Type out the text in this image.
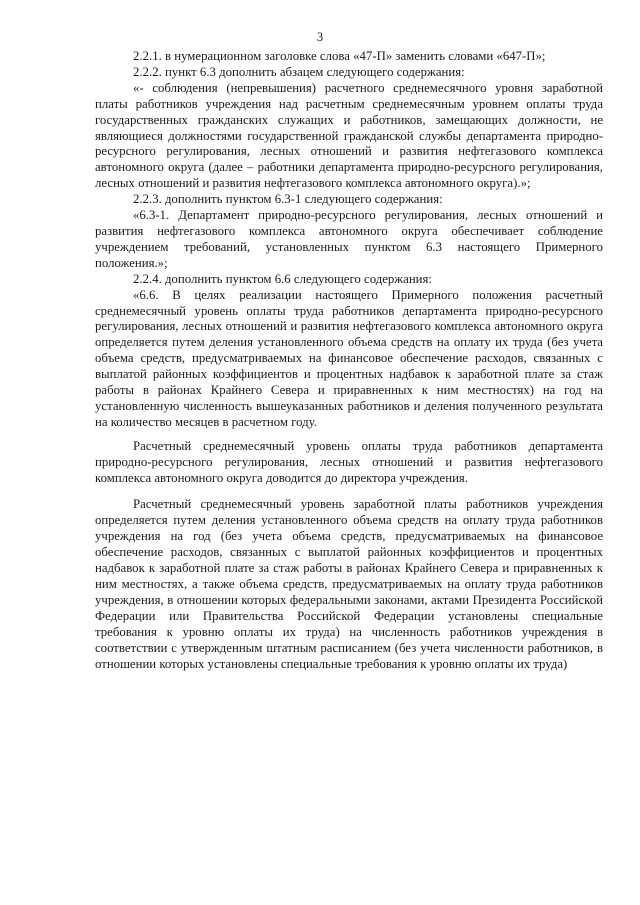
3

2.2.1. в нумерационном заголовке слова «47-П» заменить словами «647-П»;

2.2.2. пункт 6.3 дополнить абзацем следующего содержания:

«- соблюдения (непревышения) расчетного среднемесячного уровня заработной платы работников учреждения над расчетным среднемесячным уровнем оплаты труда государственных гражданских служащих и работников, замещающих должности, не являющиеся должностями государственной гражданской службы департамента природно-ресурсного регулирования, лесных отношений и развития нефтегазового комплекса автономного округа (далее – работники департамента природно-ресурсного регулирования, лесных отношений и развития нефтегазового комплекса автономного округа).»;

2.2.3. дополнить пунктом 6.3-1 следующего содержания:

«6.3-1. Департамент природно-ресурсного регулирования, лесных отношений и развития нефтегазового комплекса автономного округа обеспечивает соблюдение учреждением требований, установленных пунктом 6.3 настоящего Примерного положения.»;

2.2.4. дополнить пунктом 6.6 следующего содержания:

«6.6. В целях реализации настоящего Примерного положения расчетный среднемесячный уровень оплаты труда работников департамента природно-ресурсного регулирования, лесных отношений и развития нефтегазового комплекса автономного округа определяется путем деления установленного объема средств на оплату их труда (без учета объема средств, предусматриваемых на финансовое обеспечение расходов, связанных с выплатой районных коэффициентов и процентных надбавок к заработной плате за стаж работы в районах Крайнего Севера и приравненных к ним местностях) на год на установленную численность вышеуказанных работников и деления полученного результата на количество месяцев в расчетном году.

Расчетный среднемесячный уровень оплаты труда работников департамента природно-ресурсного регулирования, лесных отношений и развития нефтегазового комплекса автономного округа доводится до директора учреждения.

Расчетный среднемесячный уровень заработной платы работников учреждения определяется путем деления установленного объема средств на оплату труда работников учреждения на год (без учета объема средств, предусматриваемых на финансовое обеспечение расходов, связанных с выплатой районных коэффициентов и процентных надбавок к заработной плате за стаж работы в районах Крайнего Севера и приравненных к ним местностях, а также объема средств, предусматриваемых на оплату труда работников учреждения, в отношении которых федеральными законами, актами Президента Российской Федерации или Правительства Российской Федерации установлены специальные требования к уровню оплаты их труда) на численность работников учреждения в соответствии с утвержденным штатным расписанием (без учета численности работников, в отношении которых установлены специальные требования к уровню оплаты их труда)
